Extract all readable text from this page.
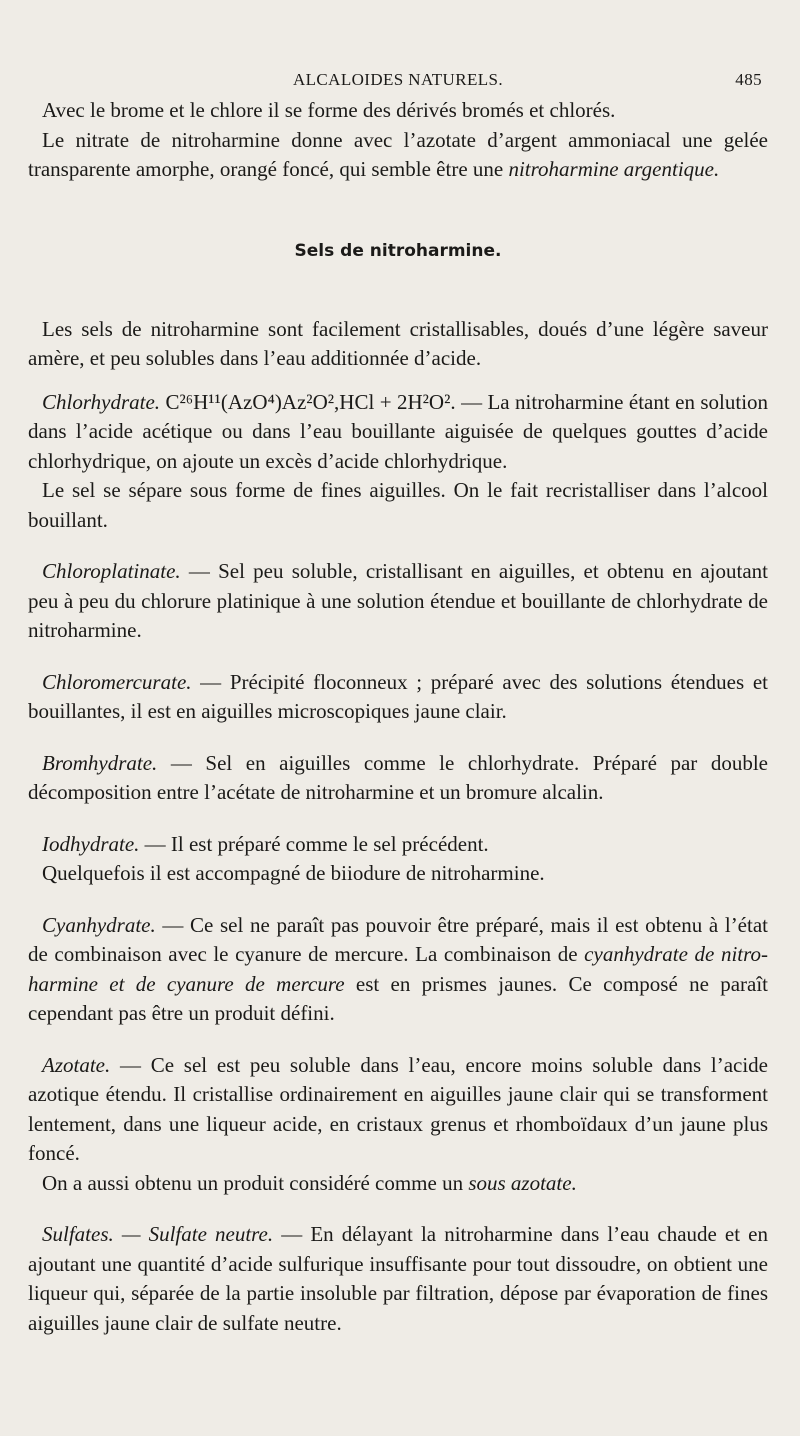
ALCALOIDES NATURELS.	485

Avec le brome et le chlore il se forme des dérivés bromés et chlorés.

Le nitrate de nitroharmine donne avec l’azotate d’argent ammoniacal une gelée transparente amorphe, orangé foncé, qui semble être une nitroharmine argentique.

Sels de nitroharmine.

Les sels de nitroharmine sont facilement cristallisables, doués d’une légère saveur amère, et peu solubles dans l’eau additionnée d’acide.

Chlorhydrate. C²⁶H¹¹(AzO⁴)Az²O²,HCl + 2H²O². — La nitroharmine étant en solution dans l’acide acétique ou dans l’eau bouillante aiguisée de quelques gouttes d’acide chlorhydrique, on ajoute un excès d’acide chlorhydrique.

Le sel se sépare sous forme de fines aiguilles. On le fait recristalliser dans l’alcool bouillant.

Chloroplatinate. — Sel peu soluble, cristallisant en aiguilles, et obtenu en ajoutant peu à peu du chlorure platinique à une solution étendue et bouillante de chlorhydrate de nitroharmine.

Chloromercurate. — Précipité floconneux ; préparé avec des solutions étendues et bouillantes, il est en aiguilles microscopiques jaune clair.

Bromhydrate. — Sel en aiguilles comme le chlorhydrate. Préparé par double décomposition entre l’acétate de nitroharmine et un bromure alcalin.

Iodhydrate. — Il est préparé comme le sel précédent.

Quelquefois il est accompagné de biiodure de nitroharmine.

Cyanhydrate. — Ce sel ne paraît pas pouvoir être préparé, mais il est obtenu à l’état de combinaison avec le cyanure de mercure. La combinaison de cyanhydrate de nitro-harmine et de cyanure de mercure est en prismes jaunes. Ce composé ne paraît cependant pas être un produit défini.

Azotate. — Ce sel est peu soluble dans l’eau, encore moins soluble dans l’acide azotique étendu. Il cristallise ordinairement en aiguilles jaune clair qui se transforment lentement, dans une liqueur acide, en cristaux grenus et rhomboïdaux d’un jaune plus foncé.

On a aussi obtenu un produit considéré comme un sous azotate.

Sulfates. — Sulfate neutre. — En délayant la nitroharmine dans l’eau chaude et en ajoutant une quantité d’acide sulfurique insuffisante pour tout dissoudre, on obtient une liqueur qui, séparée de la partie insoluble par filtration, dépose par évaporation de fines aiguilles jaune clair de sulfate neutre.
